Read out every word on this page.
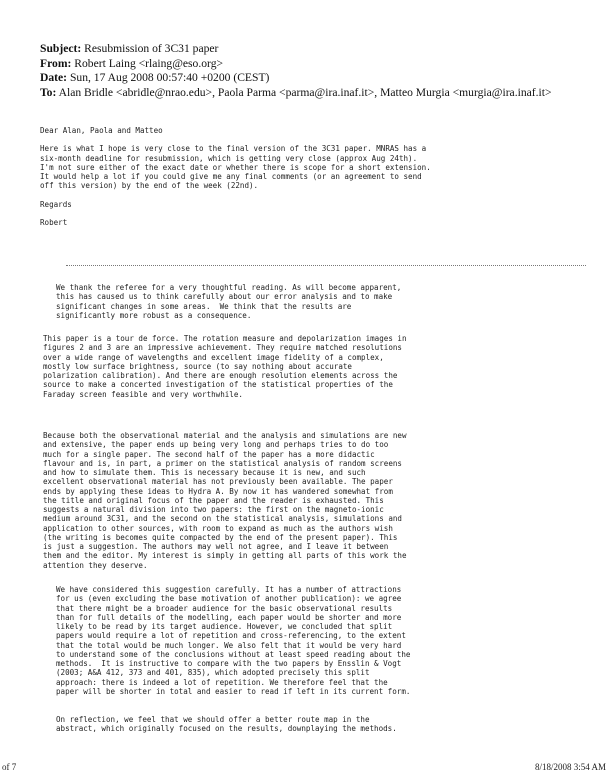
Subject: Resubmission of 3C31 paper
From: Robert Laing <rlaing@eso.org>
Date: Sun, 17 Aug 2008 00:57:40 +0200 (CEST)
To: Alan Bridle <abridle@nrao.edu>, Paola Parma <parma@ira.inaf.it>, Matteo Murgia <murgia@ira.inaf.it>
Dear Alan, Paola and Matteo
Here is what I hope is very close to the final version of the 3C31 paper. MNRAS has a
six-month deadline for resubmission, which is getting very close (approx Aug 24th).
I'm not sure either of the exact date or whether there is scope for a short extension.
It would help a lot if you could give me any final comments (or an agreement to send
off this version) by the end of the week (22nd).
Regards
Robert
We thank the referee for a very thoughtful reading. As will become apparent,
this has caused us to think carefully about our error analysis and to make
significant changes in some areas.  We think that the results are
significantly more robust as a consequence.
This paper is a tour de force. The rotation measure and depolarization images in
figures 2 and 3 are an impressive achievement. They require matched resolutions
over a wide range of wavelengths and excellent image fidelity of a complex,
mostly low surface brightness, source (to say nothing about accurate
polarization calibration). And there are enough resolution elements across the
source to make a concerted investigation of the statistical properties of the
Faraday screen feasible and very worthwhile.
Because both the observational material and the analysis and simulations are new
and extensive, the paper ends up being very long and perhaps tries to do too
much for a single paper. The second half of the paper has a more didactic
flavour and is, in part, a primer on the statistical analysis of random screens
and how to simulate them. This is necessary because it is new, and such
excellent observational material has not previously been available. The paper
ends by applying these ideas to Hydra A. By now it has wandered somewhat from
the title and original focus of the paper and the reader is exhausted. This
suggests a natural division into two papers: the first on the magneto-ionic
medium around 3C31, and the second on the statistical analysis, simulations and
application to other sources, with room to expand as much as the authors wish
(the writing is becomes quite compacted by the end of the present paper). This
is just a suggestion. The authors may well not agree, and I leave it between
them and the editor. My interest is simply in getting all parts of this work the
attention they deserve.
We have considered this suggestion carefully. It has a number of attractions
for us (even excluding the base motivation of another publication): we agree
that there might be a broader audience for the basic observational results
than for full details of the modelling, each paper would be shorter and more
likely to be read by its target audience. However, we concluded that split
papers would require a lot of repetition and cross-referencing, to the extent
that the total would be much longer. We also felt that it would be very hard
to understand some of the conclusions without at least speed reading about the
methods.  It is instructive to compare with the two papers by Ensslin & Vogt
(2003; A&A 412, 373 and 401, 835), which adopted precisely this split
approach: there is indeed a lot of repetition. We therefore feel that the
paper will be shorter in total and easier to read if left in its current form.
On reflection, we feel that we should offer a better route map in the
abstract, which originally focused on the results, downplaying the methods.
of 7	8/18/2008 3:54 AM
